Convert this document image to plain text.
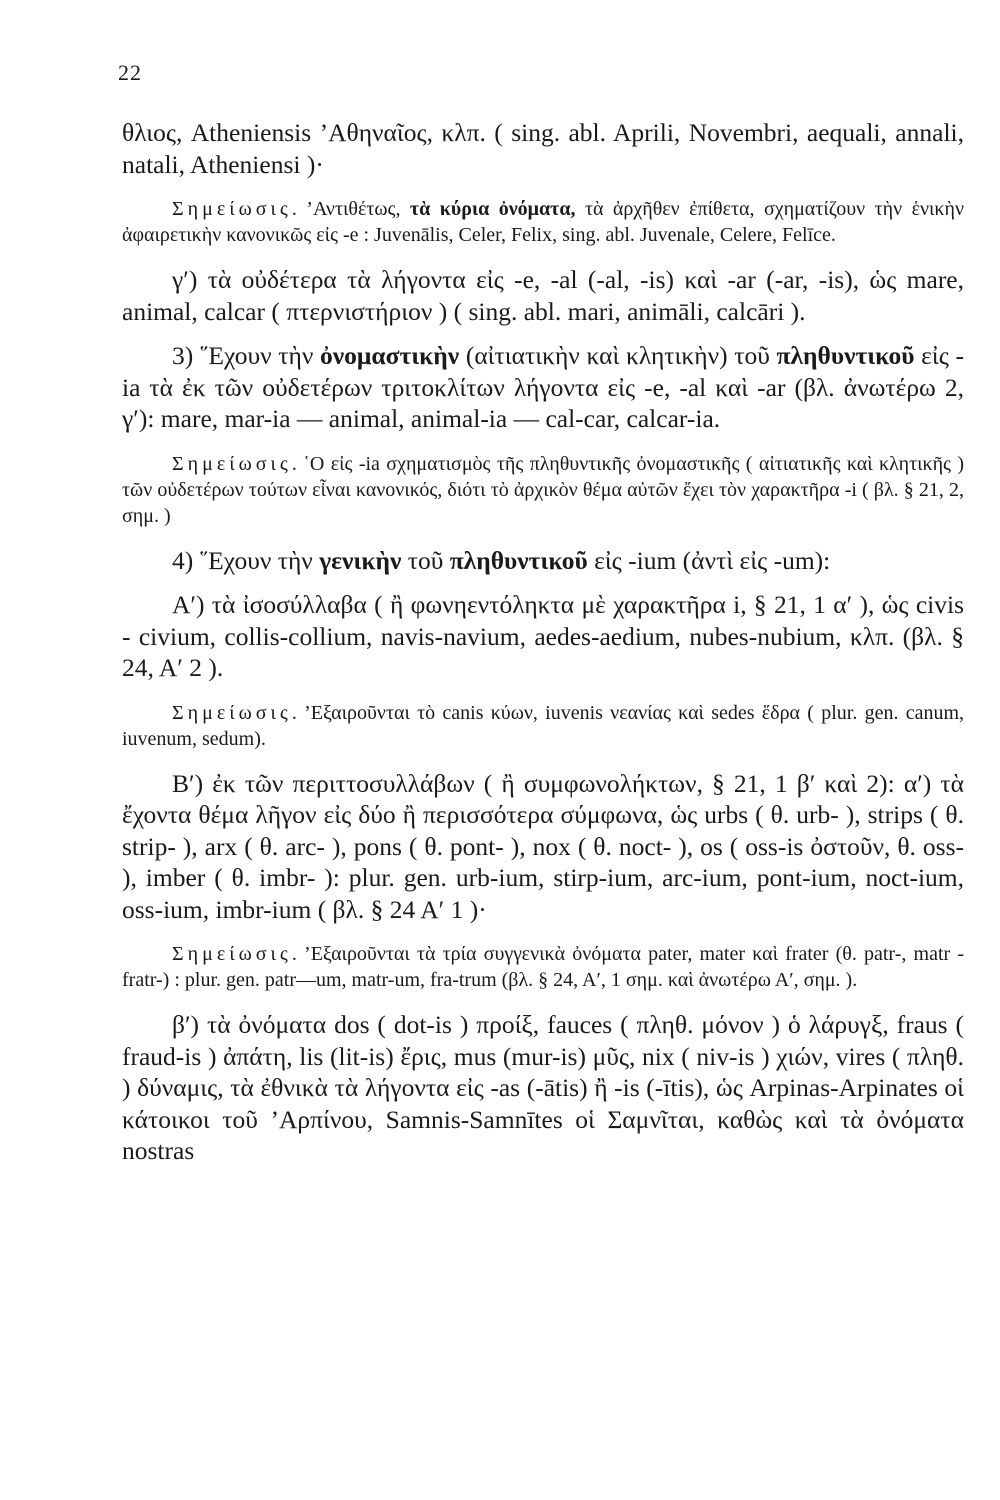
22

θλιος, Atheniensis ’Αθηναῖος, κλπ. ( sing. abl. Aprili, Novembri, aequali, annali, natali, Atheniensi )·

Σημείωσις. ’Αντιθέτως, τὰ κύρια ὀνόματα, τὰ ἀρχῆθεν ἐπίθετα, σχηματίζουν τὴν ἑνικὴν ἀφαιρετικὴν κανονικῶς εἰς -e : Juvenālis, Celer, Felix, sing. abl. Juvenale, Celere, Felīce.

γ′) τὰ οὐδέτερα τὰ λήγοντα εἰς -e, -al (-al, -is) καὶ -ar (-ar, -is), ὡς mare, animal, calcar ( πτερνιστήριον ) ( sing. abl. mari, animāli, calcāri ).

3) ῞Εχουν τὴν ὀνομαστικὴν (αἰτιατικὴν καὶ κλητικὴν) τοῦ πληθυντικοῦ εἰς -ia τὰ ἐκ τῶν οὐδετέρων τριτοκλίτων λήγοντα εἰς -e, -al καὶ -ar (βλ. ἀνωτέρω 2, γ′): mare, mar-ia — animal, animal-ia — cal-car, calcar-ia.

Σημείωσις. ῾Ο εἰς -ia σχηματισμὸς τῆς πληθυντικῆς ὀνομαστικῆς ( αἰτιατικῆς καὶ κλητικῆς ) τῶν οὐδετέρων τούτων εἶναι κανονικός, διότι τὸ ἀρχικὸν θέμα αὐτῶν ἔχει τὸν χαρακτῆρα -i ( βλ. § 21, 2, σημ. )

4) ῞Εχουν τὴν γενικὴν τοῦ πληθυντικοῦ εἰς -ium (ἀντὶ εἰς -um):

Α′) τὰ ἰσοσύλλαβα ( ἢ φωνηεντόληκτα μὲ χαρακτῆρα i, § 21, 1 α′ ), ὡς civis - civium, collis-collium, navis-navium, aedes-aedium, nubes-nubium, κλπ. (βλ. § 24, Α′ 2 ).

Σημείωσις. ’Εξαιροῦνται τὸ canis κύων, iuvenis νεανίας καὶ sedes ἕδρα ( plur. gen. canum, iuvenum, sedum).

Β′) ἐκ τῶν περιττοσυλλάβων ( ἢ συμφωνολήκτων, § 21, 1 β′ καὶ 2): α′) τὰ ἔχοντα θέμα λῆγον εἰς δύο ἢ περισσότερα σύμφωνα, ὡς urbs ( θ. urb- ), strips ( θ. strip- ), arx ( θ. arc- ), pons ( θ. pont- ), nox ( θ. noct- ), os ( oss-is ὀστοῦν, θ. oss- ), imber ( θ. imbr- ): plur. gen. urb-ium, stirp-ium, arc-ium, pont-ium, noct-ium, oss-ium, imbr-ium ( βλ. § 24 Α′ 1 )·

Σημείωσις. ’Εξαιροῦνται τὰ τρία συγγενικὰ ὀνόματα pater, mater καὶ frater (θ. patr-, matr - fratr-) : plur. gen. patr—um, matr-um, fra-trum (βλ. § 24, Α′, 1 σημ. καὶ ἀνωτέρω Α′, σημ. ).

β′) τὰ ὀνόματα dos ( dot-is ) προίξ, fauces ( πληθ. μόνον ) ὁ λάρυγξ, fraus ( fraud-is ) ἀπάτη, lis (lit-is) ἔρις, mus (mur-is) μῦς, nix ( niv-is ) χιών, vires ( πληθ. ) δύναμις, τὰ ἐθνικὰ τὰ λήγοντα εἰς -as (-ātis) ἢ -is (-ītis), ὡς Arpinas-Arpinates οἱ κάτοικοι τοῦ ’Αρπίνου, Samnis-Samnītes οἱ Σαμνῖται, καθὼς καὶ τὰ ὀνόματα nostras
